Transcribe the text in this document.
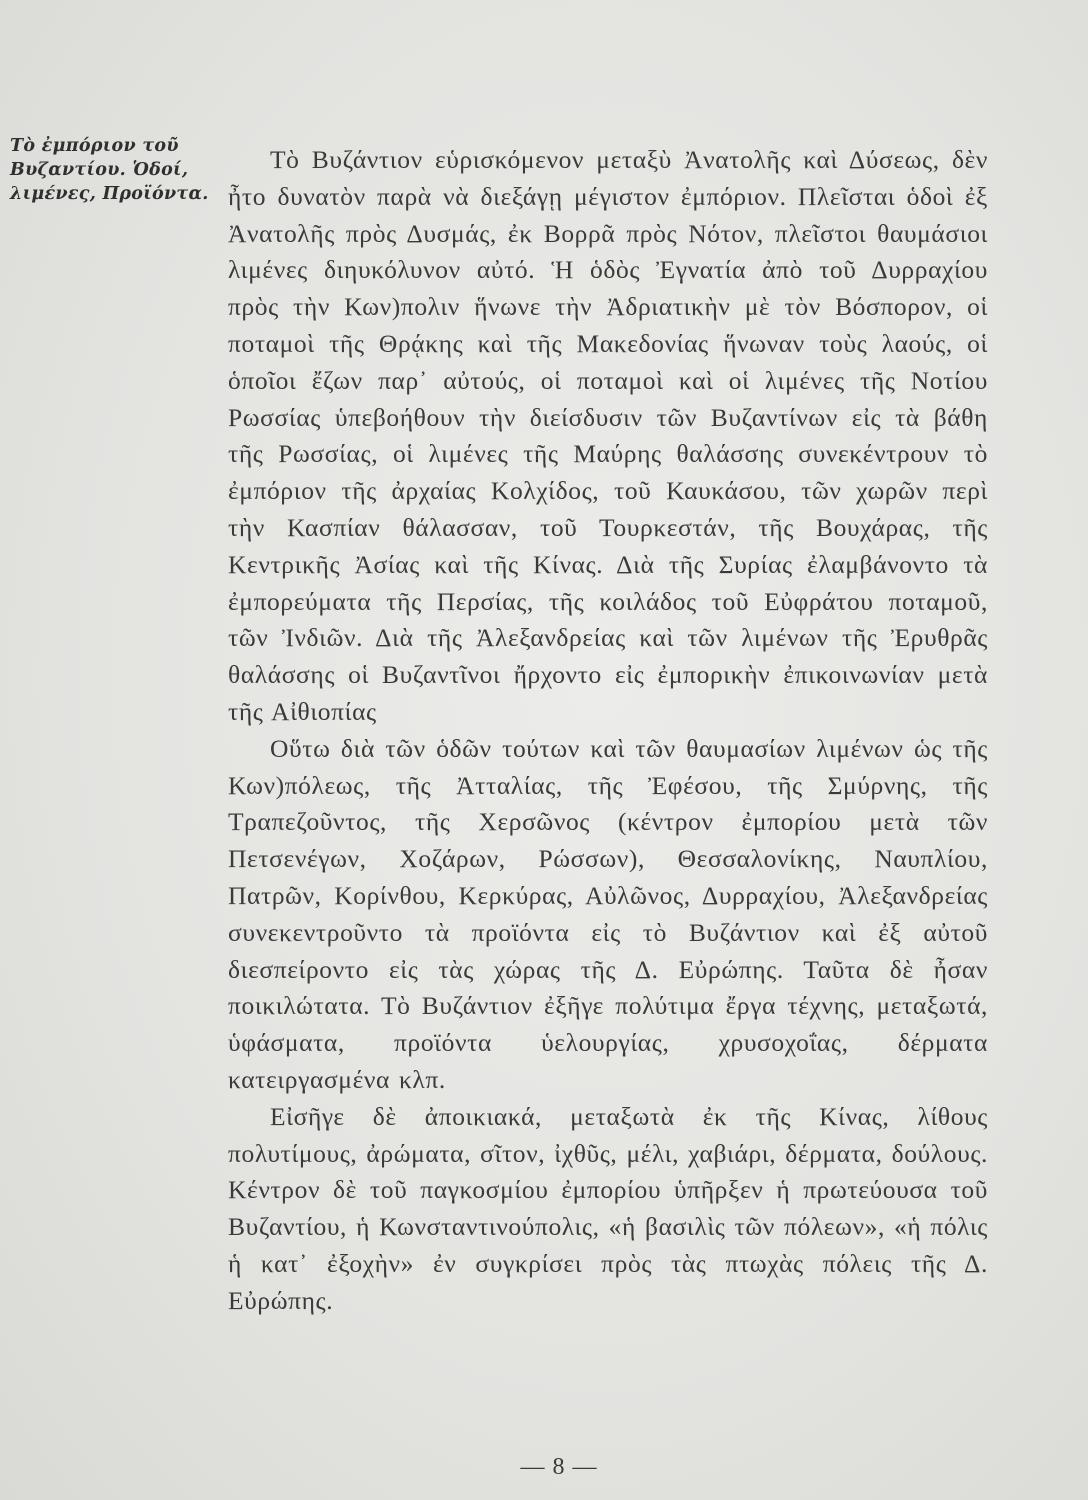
Τὸ ἐμπόριον τοῦ
Βυζαντίου. Ὁδοί,
λιμένες, Προϊόντα.

Τὸ Βυζάντιον εὑρισκόμενον μεταξὺ Ἀνατολῆς καὶ Δύσεως, δὲν ἦτο δυνατὸν παρὰ νὰ διεξάγῃ μέγιστον ἐμπόριον. Πλεῖσται ὁδοὶ ἐξ Ἀνατολῆς πρὸς Δυσμάς, ἐκ Βορρᾶ πρὸς Νότον, πλεῖστοι θαυμάσιοι λιμένες διηυκόλυνον αὐτό. Ἡ ὁδὸς Ἐγνατία ἀπὸ τοῦ Δυρραχίου πρὸς τὴν Κων)πολιν ἥνωνε τὴν Ἀδριατικὴν μὲ τὸν Βόσπορον, οἱ ποταμοὶ τῆς Θρᾴκης καὶ τῆς Μακεδονίας ἥνωναν τοὺς λαούς, οἱ ὁποῖοι ἔζων παρ᾽ αὐτούς, οἱ ποταμοὶ καὶ οἱ λιμένες τῆς Νοτίου Ρωσσίας ὑπεβοήθουν τὴν διείσδυσιν τῶν Βυζαντίνων εἰς τὰ βάθη τῆς Ρωσσίας, οἱ λιμένες τῆς Μαύρης θαλάσσης συνεκέντρουν τὸ ἐμπόριον τῆς ἀρχαίας Κολχίδος, τοῦ Καυκάσου, τῶν χωρῶν περὶ τὴν Κασπίαν θάλασσαν, τοῦ Τουρκεστάν, τῆς Βουχάρας, τῆς Κεντρικῆς Ἀσίας καὶ τῆς Κίνας. Διὰ τῆς Συρίας ἐλαμβάνοντο τὰ ἐμπορεύματα τῆς Περσίας, τῆς κοιλάδος τοῦ Εὐφράτου ποταμοῦ, τῶν Ἰνδιῶν. Διὰ τῆς Ἀλεξανδρείας καὶ τῶν λιμένων τῆς Ἐρυθρᾶς θαλάσσης οἱ Βυζαντῖνοι ἤρχοντο εἰς ἐμπορικὴν ἐπικοινωνίαν μετὰ τῆς Αἰθιοπίας

Οὕτω διὰ τῶν ὁδῶν τούτων καὶ τῶν θαυμασίων λιμένων ὡς τῆς Κων)πόλεως, τῆς Ἀτταλίας, τῆς Ἐφέσου, τῆς Σμύρνης, τῆς Τραπεζοῦντος, τῆς Χερσῶνος (κέντρον ἐμπορίου μετὰ τῶν Πετσενέγων, Χοζάρων, Ρώσσων), Θεσσαλονίκης, Ναυπλίου, Πατρῶν, Κορίνθου, Κερκύρας, Αὐλῶνος, Δυρραχίου, Ἀλεξανδρείας συνεκεντροῦντο τὰ προϊόντα εἰς τὸ Βυζάντιον καὶ ἐξ αὐτοῦ διεσπείροντο εἰς τὰς χώρας τῆς Δ. Εὐρώπης. Ταῦτα δὲ ἦσαν ποικιλώτατα. Τὸ Βυζάντιον ἐξῆγε πολύτιμα ἔργα τέχνης, μεταξωτά, ὑφάσματα, προϊόντα ὑελουργίας, χρυσοχοΐας, δέρματα κατειργασμένα κλπ.

Εἰσῆγε δὲ ἀποικιακά, μεταξωτὰ ἐκ τῆς Κίνας, λίθους πολυτίμους, ἀρώματα, σῖτον, ἰχθῦς, μέλι, χαβιάρι, δέρματα, δούλους. Κέντρον δὲ τοῦ παγκοσμίου ἐμπορίου ὑπῆρξεν ἡ πρωτεύουσα τοῦ Βυζαντίου, ἡ Κωνσταντινούπολις, «ἡ βασιλὶς τῶν πόλεων», «ἡ πόλις ἡ κατ᾽ ἐξοχὴν» ἐν συγκρίσει πρὸς τὰς πτωχὰς πόλεις τῆς Δ. Εὐρώπης.

— 8 —
